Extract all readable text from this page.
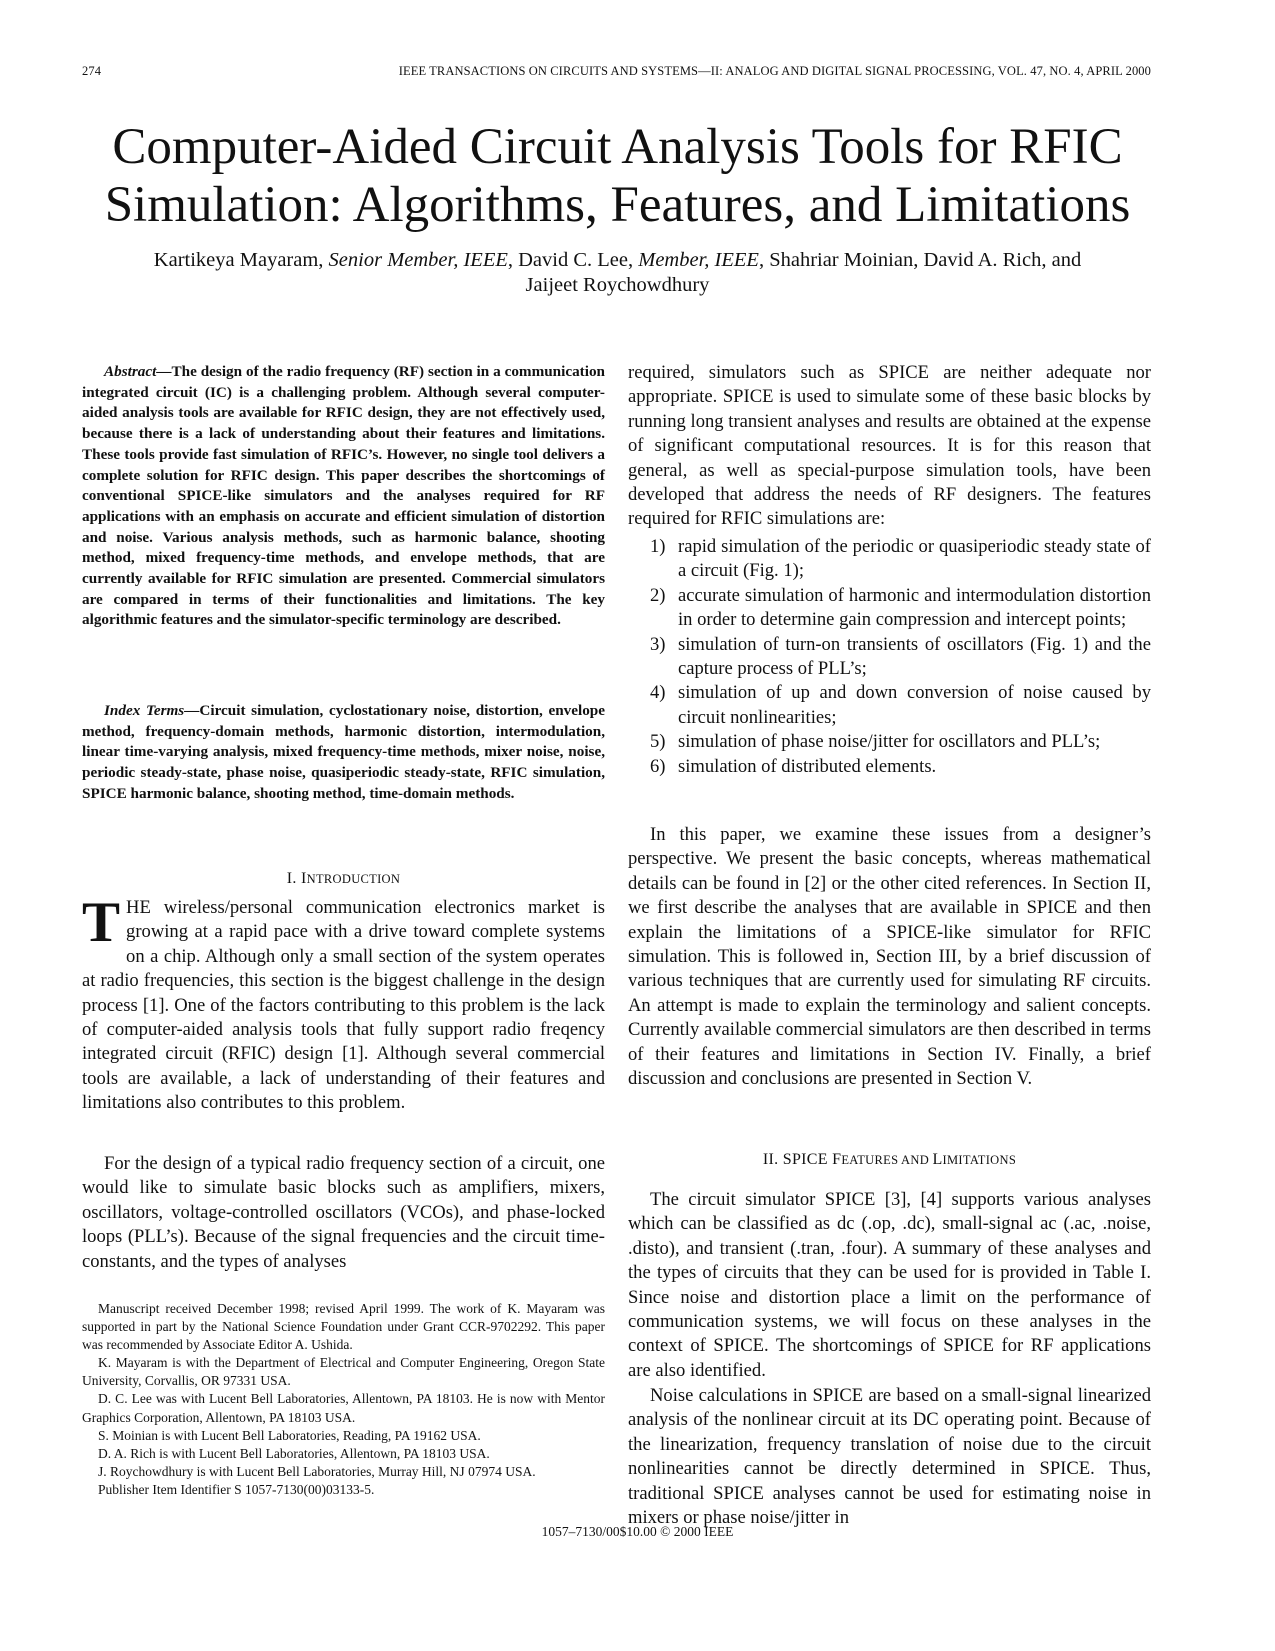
274	IEEE TRANSACTIONS ON CIRCUITS AND SYSTEMS—II: ANALOG AND DIGITAL SIGNAL PROCESSING, VOL. 47, NO. 4, APRIL 2000
Computer-Aided Circuit Analysis Tools for RFIC
Simulation: Algorithms, Features, and Limitations
Kartikeya Mayaram, Senior Member, IEEE, David C. Lee, Member, IEEE, Shahriar Moinian, David A. Rich, and
Jaijeet Roychowdhury

Abstract—The design of the radio frequency (RF) section in a communication integrated circuit (IC) is a challenging problem. Although several computer-aided analysis tools are available for RFIC design, they are not effectively used, because there is a lack of understanding about their features and limitations. These tools provide fast simulation of RFIC’s. However, no single tool delivers a complete solution for RFIC design. This paper describes the shortcomings of conventional SPICE-like simulators and the analyses required for RF applications with an emphasis on accurate and efficient simulation of distortion and noise. Various analysis methods, such as harmonic balance, shooting method, mixed frequency-time methods, and envelope methods, that are currently available for RFIC simulation are presented. Commercial simulators are compared in terms of their functionalities and limitations. The key algorithmic features and the simulator-specific terminology are described.

Index Terms—Circuit simulation, cyclostationary noise, distortion, envelope method, frequency-domain methods, harmonic distortion, intermodulation, linear time-varying analysis, mixed frequency-time methods, mixer noise, noise, periodic steady-state, phase noise, quasiperiodic steady-state, RFIC simulation, SPICE harmonic balance, shooting method, time-domain methods.

I. INTRODUCTION

THE wireless/personal communication electronics market is growing at a rapid pace with a drive toward complete systems on a chip. Although only a small section of the system operates at radio frequencies, this section is the biggest challenge in the design process [1]. One of the factors contributing to this problem is the lack of computer-aided analysis tools that fully support radio freqency integrated circuit (RFIC) design [1]. Although several commercial tools are available, a lack of understanding of their features and limitations also contributes to this problem.

For the design of a typical radio frequency section of a circuit, one would like to simulate basic blocks such as amplifiers, mixers, oscillators, voltage-controlled oscillators (VCOs), and phase-locked loops (PLL’s). Because of the signal frequencies and the circuit time-constants, and the types of analyses

Manuscript received December 1998; revised April 1999. The work of K. Mayaram was supported in part by the National Science Foundation under Grant CCR-9702292. This paper was recommended by Associate Editor A. Ushida.

K. Mayaram is with the Department of Electrical and Computer Engineering, Oregon State University, Corvallis, OR 97331 USA.

D. C. Lee was with Lucent Bell Laboratories, Allentown, PA 18103. He is now with Mentor Graphics Corporation, Allentown, PA 18103 USA.

S. Moinian is with Lucent Bell Laboratories, Reading, PA 19162 USA.

D. A. Rich is with Lucent Bell Laboratories, Allentown, PA 18103 USA.

J. Roychowdhury is with Lucent Bell Laboratories, Murray Hill, NJ 07974 USA.

Publisher Item Identifier S 1057-7130(00)03133-5.

required, simulators such as SPICE are neither adequate nor appropriate. SPICE is used to simulate some of these basic blocks by running long transient analyses and results are obtained at the expense of significant computational resources. It is for this reason that general, as well as special-purpose simulation tools, have been developed that address the needs of RF designers. The features required for RFIC simulations are:

1) rapid simulation of the periodic or quasiperiodic steady state of a circuit (Fig. 1);
2) accurate simulation of harmonic and intermodulation distortion in order to determine gain compression and intercept points;
3) simulation of turn-on transients of oscillators (Fig. 1) and the capture process of PLL’s;
4) simulation of up and down conversion of noise caused by circuit nonlinearities;
5) simulation of phase noise/jitter for oscillators and PLL’s;
6) simulation of distributed elements.

In this paper, we examine these issues from a designer’s perspective. We present the basic concepts, whereas mathematical details can be found in [2] or the other cited references. In Section II, we first describe the analyses that are available in SPICE and then explain the limitations of a SPICE-like simulator for RFIC simulation. This is followed in, Section III, by a brief discussion of various techniques that are currently used for simulating RF circuits. An attempt is made to explain the terminology and salient concepts. Currently available commercial simulators are then described in terms of their features and limitations in Section IV. Finally, a brief discussion and conclusions are presented in Section V.

II. SPICE FEATURES AND LIMITATIONS

The circuit simulator SPICE [3], [4] supports various analyses which can be classified as dc (.op, .dc), small-signal ac (.ac, .noise, .disto), and transient (.tran, .four). A summary of these analyses and the types of circuits that they can be used for is provided in Table I. Since noise and distortion place a limit on the performance of communication systems, we will focus on these analyses in the context of SPICE. The shortcomings of SPICE for RF applications are also identified.

Noise calculations in SPICE are based on a small-signal linearized analysis of the nonlinear circuit at its DC operating point. Because of the linearization, frequency translation of noise due to the circuit nonlinearities cannot be directly determined in SPICE. Thus, traditional SPICE analyses cannot be used for estimating noise in mixers or phase noise/jitter in

1057–7130/00$10.00 © 2000 IEEE
